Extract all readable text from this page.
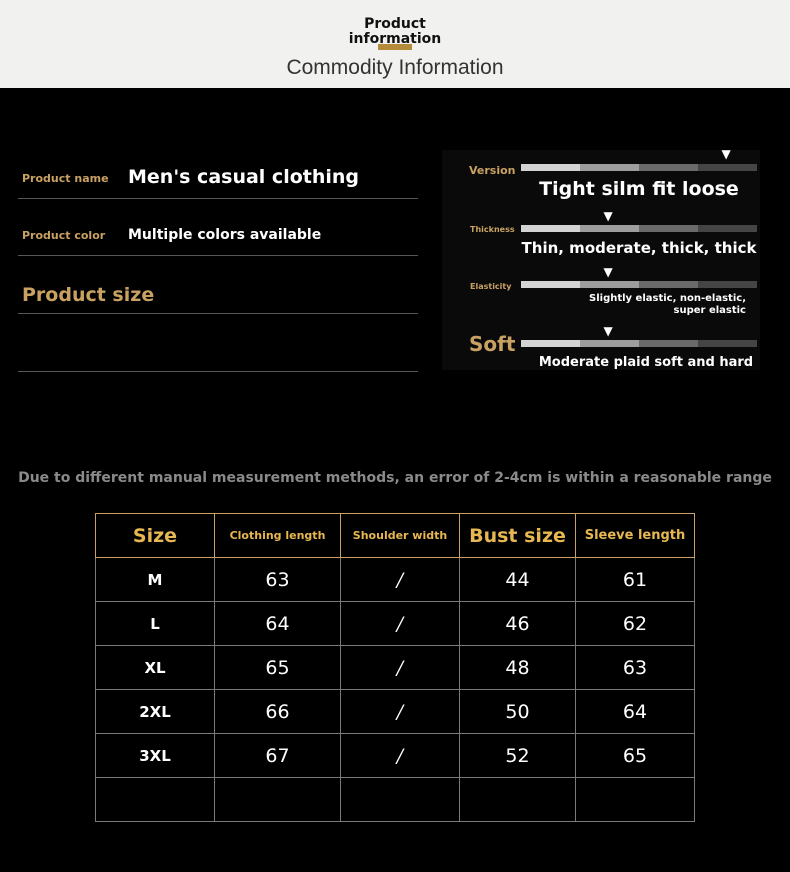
Product
information
Commodity Information
Product name Men's casual clothing
Product color Multiple colors available
Product size
Version
▼
Tight silm fit loose
Thickness
▼
Thin, moderate, thick, thick
Elasticity
▼
Slightly elastic, non-elastic, super elastic
Soft
▼
Moderate plaid soft and hard
Due to different manual measurement methods, an error of 2-4cm is within a reasonable range
Size	Clothing length	Shoulder width	Bust size	Sleeve length
M	63	/	44	61
L	64	/	46	62
XL	65	/	48	63
2XL	66	/	50	64
3XL	67	/	52	65
